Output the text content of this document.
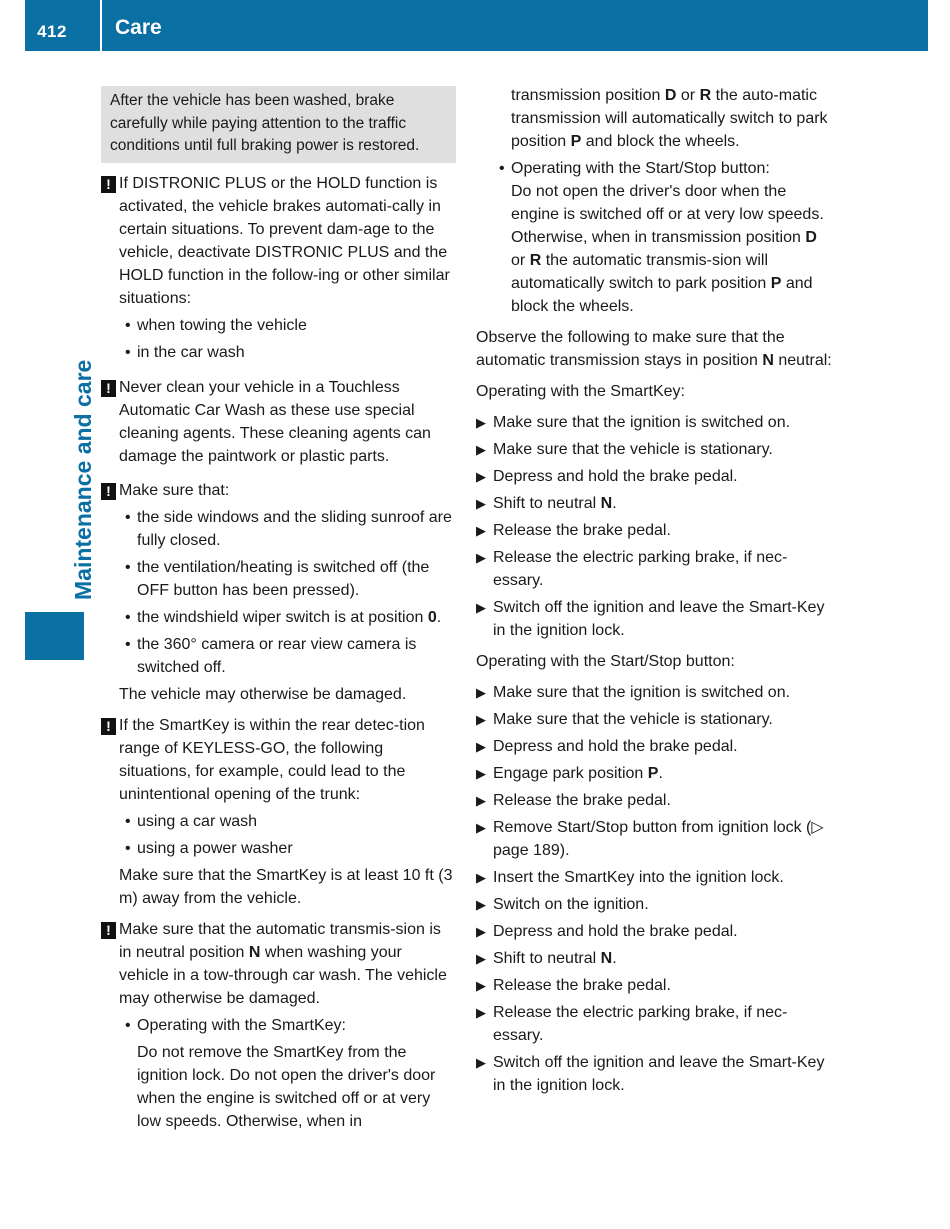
412	Care
Maintenance and care
After the vehicle has been washed, brake carefully while paying attention to the traffic conditions until full braking power is restored.
! If DISTRONIC PLUS or the HOLD function is activated, the vehicle brakes automati-cally in certain situations. To prevent dam-age to the vehicle, deactivate DISTRONIC PLUS and the HOLD function in the follow-ing or other similar situations:
• when towing the vehicle
• in the car wash
! Never clean your vehicle in a Touchless Automatic Car Wash as these use special cleaning agents. These cleaning agents can damage the paintwork or plastic parts.
! Make sure that:
• the side windows and the sliding sunroof are fully closed.
• the ventilation/heating is switched off (the OFF button has been pressed).
• the windshield wiper switch is at position 0.
• the 360° camera or rear view camera is switched off.
The vehicle may otherwise be damaged.
! If the SmartKey is within the rear detec-tion range of KEYLESS-GO, the following situations, for example, could lead to the unintentional opening of the trunk:
• using a car wash
• using a power washer
Make sure that the SmartKey is at least 10 ft (3 m) away from the vehicle.
! Make sure that the automatic transmis-sion is in neutral position N when washing your vehicle in a tow-through car wash. The vehicle may otherwise be damaged.
• Operating with the SmartKey:
Do not remove the SmartKey from the ignition lock. Do not open the driver's door when the engine is switched off or at very low speeds. Otherwise, when in
transmission position D or R the auto-matic transmission will automatically switch to park position P and block the wheels.
• Operating with the Start/Stop button:
Do not open the driver's door when the engine is switched off or at very low speeds. Otherwise, when in transmission position D or R the automatic transmis-sion will automatically switch to park position P and block the wheels.
Observe the following to make sure that the automatic transmission stays in position N neutral:
Operating with the SmartKey:
▶ Make sure that the ignition is switched on.
▶ Make sure that the vehicle is stationary.
▶ Depress and hold the brake pedal.
▶ Shift to neutral N.
▶ Release the brake pedal.
▶ Release the electric parking brake, if nec-essary.
▶ Switch off the ignition and leave the Smart-Key in the ignition lock.
Operating with the Start/Stop button:
▶ Make sure that the ignition is switched on.
▶ Make sure that the vehicle is stationary.
▶ Depress and hold the brake pedal.
▶ Engage park position P.
▶ Release the brake pedal.
▶ Remove Start/Stop button from ignition lock (▷ page 189).
▶ Insert the SmartKey into the ignition lock.
▶ Switch on the ignition.
▶ Depress and hold the brake pedal.
▶ Shift to neutral N.
▶ Release the brake pedal.
▶ Release the electric parking brake, if nec-essary.
▶ Switch off the ignition and leave the Smart-Key in the ignition lock.
